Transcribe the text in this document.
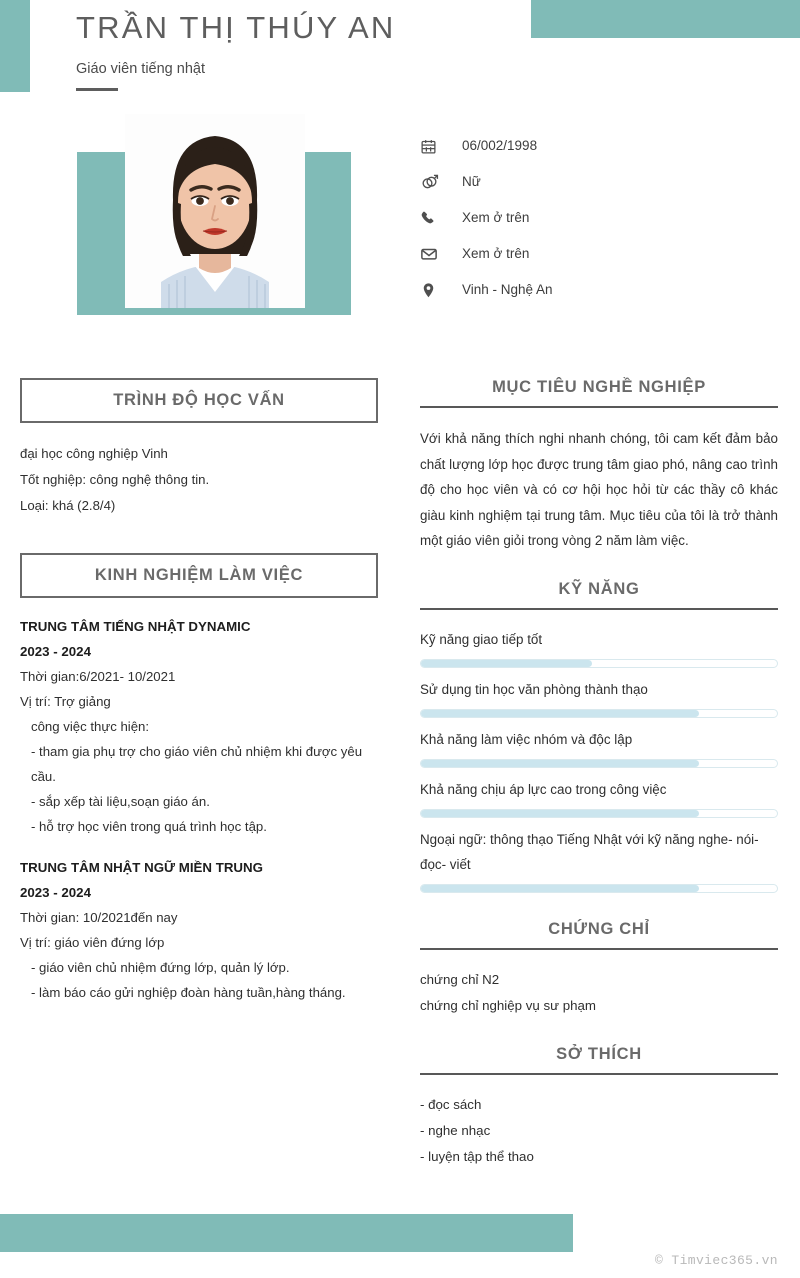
TRẦN THỊ THÚY AN
Giáo viên tiếng nhật
06/002/1998
Nữ
Xem ở trên
Xem ở trên
Vinh - Nghệ An
TRÌNH ĐỘ HỌC VẤN
đại học công nghiệp Vinh
Tốt nghiệp: công nghệ thông tin.
Loại: khá (2.8/4)
KINH NGHIỆM LÀM VIỆC
TRUNG TÂM TIẾNG NHẬT DYNAMIC
2023 - 2024
Thời gian:6/2021- 10/2021
Vị trí: Trợ giảng
công việc thực hiện:
- tham gia phụ trợ cho giáo viên chủ nhiệm khi được yêu cầu.
- sắp xếp tài liệu,soạn giáo án.
- hỗ trợ học viên trong quá trình học tập.
TRUNG TÂM NHẬT NGỮ MIỀN TRUNG
2023 - 2024
Thời gian: 10/2021đến nay
Vị trí: giáo viên đứng lớp
- giáo viên chủ nhiệm đứng lớp, quản lý lớp.
- làm báo cáo gửi nghiệp đoàn hàng tuần,hàng tháng.
MỤC TIÊU NGHỀ NGHIỆP
Với khả năng thích nghi nhanh chóng, tôi cam kết đảm bảo chất lượng lớp học được trung tâm giao phó, nâng cao trình độ cho học viên và có cơ hội học hỏi từ các thầy cô khác giàu kinh nghiệm tại trung tâm. Mục tiêu của tôi là trở thành một giáo viên giỏi trong vòng 2 năm làm việc.
KỸ NĂNG
Kỹ năng giao tiếp tốt
Sử dụng tin học văn phòng thành thạo
Khả năng làm việc nhóm và độc lập
Khả năng chịu áp lực cao trong công việc
Ngoại ngữ: thông thạo Tiếng Nhật với kỹ năng nghe- nói- đọc- viết
CHỨNG CHỈ
chứng chỉ N2
chứng chỉ nghiệp vụ sư phạm
SỞ THÍCH
- đọc sách
- nghe nhạc
- luyện tập thể thao
© Timviec365.vn
